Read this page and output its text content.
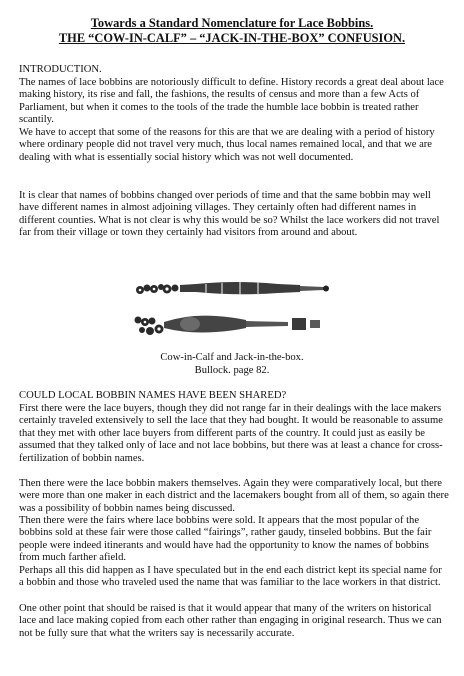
Towards a Standard Nomenclature for Lace Bobbins.
THE “COW-IN-CALF” – “JACK-IN-THE-BOX” CONFUSION.

INTRODUCTION.

The names of lace bobbins are notoriously difficult to define. History records a great deal about lace making history, its rise and fall, the fashions, the results of census and more than a few Acts of Parliament, but when it comes to the tools of the trade the humble lace bobbin is treated rather scantily.

We have to accept that some of the reasons for this are that we are dealing with a period of history where ordinary people did not travel very much, thus local names remained local, and that we are dealing with what is essentially social history which was not well documented.

It is clear that names of bobbins changed over periods of time and that the same bobbin may well have different names in almost adjoining villages. They certainly often had different names in different counties. What is not clear is why this would be so? Whilst the lace workers did not travel far from their village or town they certainly had visitors from around and about.

Cow-in-Calf and Jack-in-the-box.
Bullock. page 82.

COULD LOCAL BOBBIN NAMES HAVE BEEN SHARED?

First there were the lace buyers, though they did not range far in their dealings with the lace makers certainly traveled extensively to sell the lace that they had bought. It would be reasonable to assume that they met with other lace buyers from different parts of the country. It could just as easily be assumed that they talked only of lace and not lace bobbins, but there was at least a chance for cross-fertilization of bobbin names.

Then there were the lace bobbin makers themselves. Again they were comparatively local, but there were more than one maker in each district and the lacemakers bought from all of them, so again there was a possibility of bobbin names being discussed.

Then there were the fairs where lace bobbins were sold. It appears that the most popular of the bobbins sold at these fair were those called “fairings”, rather gaudy, tinseled bobbins. But the fair people were indeed itinerants and would have had the opportunity to know the names of bobbins from much farther afield.

Perhaps all this did happen as I have speculated but in the end each district kept its special name for a bobbin and those who traveled used the name that was familiar to the lace workers in that district.

One other point that should be raised is that it would appear that many of the writers on historical lace and lace making copied from each other rather than engaging in original research. Thus we can not be fully sure that what the writers say is necessarily accurate.
